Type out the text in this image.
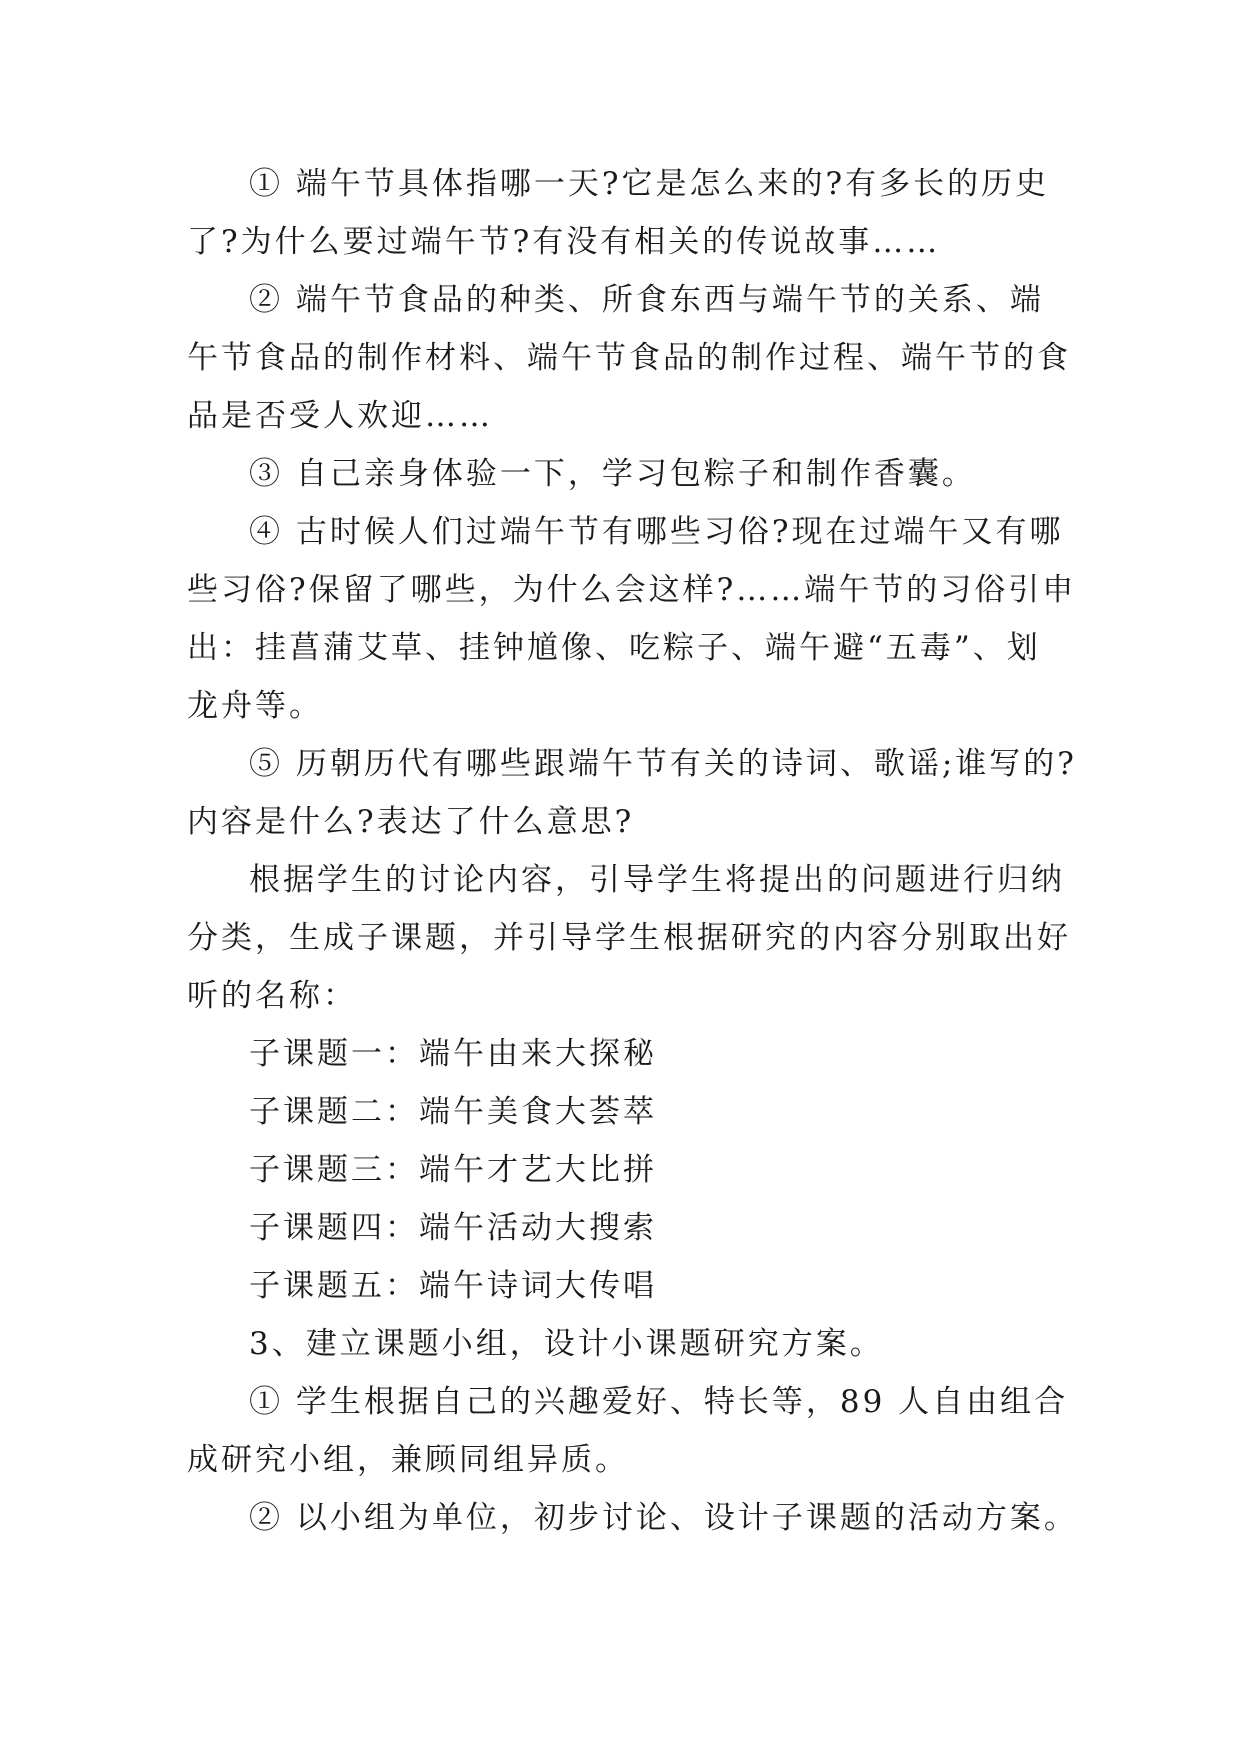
① 端午节具体指哪一天?它是怎么来的?有多长的历史
了?为什么要过端午节?有没有相关的传说故事……

② 端午节食品的种类、所食东西与端午节的关系、端
午节食品的制作材料、端午节食品的制作过程、端午节的食
品是否受人欢迎……

③ 自己亲身体验一下，学习包粽子和制作香囊。

④ 古时候人们过端午节有哪些习俗?现在过端午又有哪
些习俗?保留了哪些，为什么会这样?……端午节的习俗引申
出：挂菖蒲艾草、挂钟馗像、吃粽子、端午避“五毒”、划
龙舟等。

⑤ 历朝历代有哪些跟端午节有关的诗词、歌谣;谁写的?
内容是什么?表达了什么意思?

根据学生的讨论内容，引导学生将提出的问题进行归纳
分类，生成子课题，并引导学生根据研究的内容分别取出好
听的名称：

子课题一：端午由来大探秘

子课题二：端午美食大荟萃

子课题三：端午才艺大比拼

子课题四：端午活动大搜索

子课题五：端午诗词大传唱

3、建立课题小组，设计小课题研究方案。

① 学生根据自己的兴趣爱好、特长等，89 人自由组合
成研究小组，兼顾同组异质。

② 以小组为单位，初步讨论、设计子课题的活动方案。
